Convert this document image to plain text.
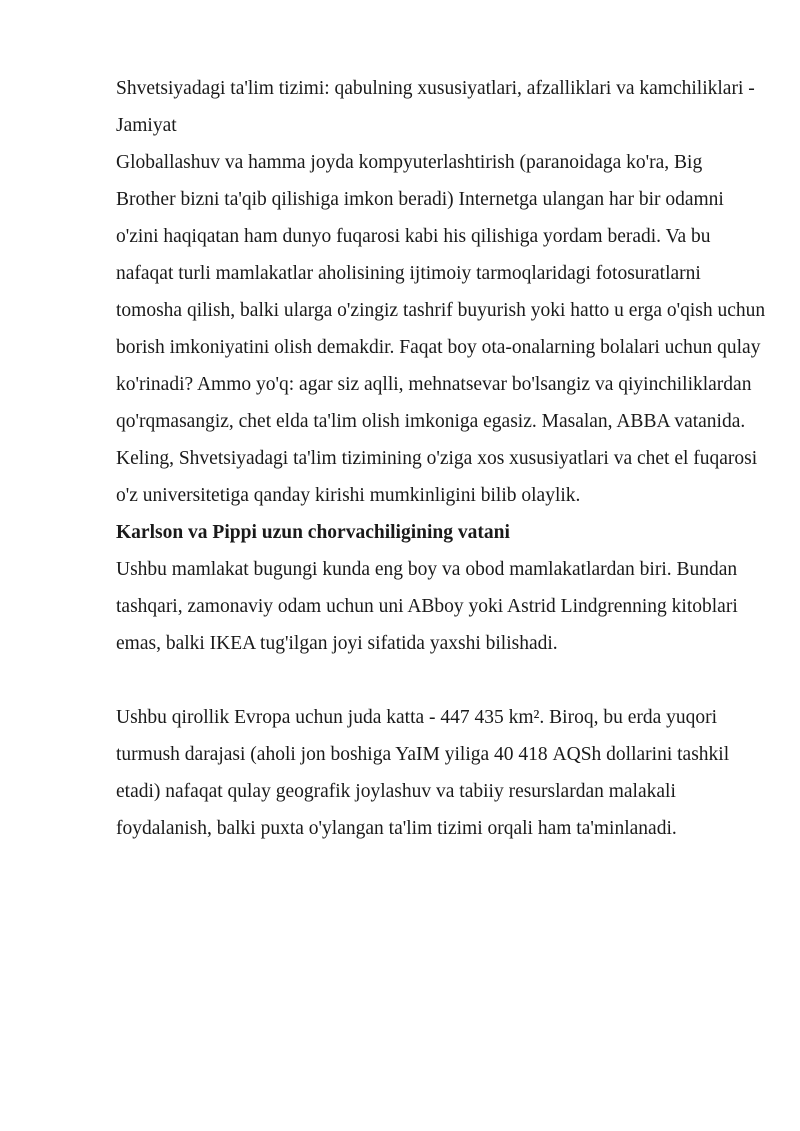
Shvetsiyadagi ta'lim tizimi: qabulning xususiyatlari, afzalliklari va kamchiliklari - Jamiyat

Globallashuv va hamma joyda kompyuterlashtirish (paranoidaga ko'ra, Big Brother bizni ta'qib qilishiga imkon beradi) Internetga ulangan har bir odamni o'zini haqiqatan ham dunyo fuqarosi kabi his qilishiga yordam beradi. Va bu nafaqat turli mamlakatlar aholisining ijtimoiy tarmoqlaridagi fotosuratlarni tomosha qilish, balki ularga o'zingiz tashrif buyurish yoki hatto u erga o'qish uchun borish imkoniyatini olish demakdir. Faqat boy ota-onalarning bolalari uchun qulay ko'rinadi? Ammo yo'q: agar siz aqlli, mehnatsevar bo'lsangiz va qiyinchiliklardan qo'rqmasangiz, chet elda ta'lim olish imkoniga egasiz. Masalan, ABBA vatanida. Keling, Shvetsiyadagi ta'lim tizimining o'ziga xos xususiyatlari va chet el fuqarosi o'z universitetiga qanday kirishi mumkinligini bilib olaylik.

Karlson va Pippi uzun chorvachiligining vatani

Ushbu mamlakat bugungi kunda eng boy va obod mamlakatlardan biri. Bundan tashqari, zamonaviy odam uchun uni ABboy yoki Astrid Lindgrenning kitoblari emas, balki IKEA tug'ilgan joyi sifatida yaxshi bilishadi.

Ushbu qirollik Evropa uchun juda katta - 447 435 km². Biroq, bu erda yuqori turmush darajasi (aholi jon boshiga YaIM yiligа 40 418 AQSh dollarini tashkil etadi) nafaqat qulay geografik joylashuv va tabiiy resurslardan malakali foydalanish, balki puxta o'ylangan ta'lim tizimi orqali ham ta'minlanadi.
